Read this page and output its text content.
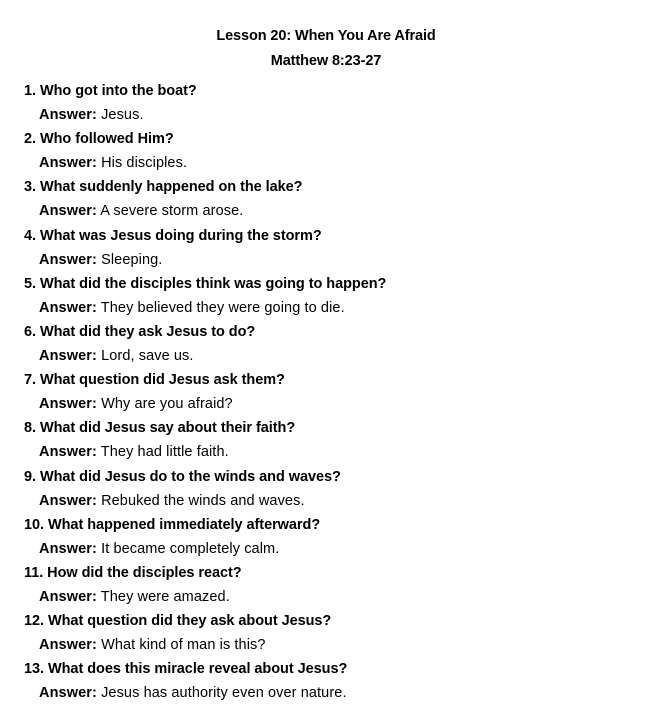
Lesson 20: When You Are Afraid
Matthew 8:23-27
1. Who got into the boat?
Answer: Jesus.
2. Who followed Him?
Answer: His disciples.
3. What suddenly happened on the lake?
Answer: A severe storm arose.
4. What was Jesus doing during the storm?
Answer: Sleeping.
5. What did the disciples think was going to happen?
Answer: They believed they were going to die.
6. What did they ask Jesus to do?
Answer: Lord, save us.
7. What question did Jesus ask them?
Answer: Why are you afraid?
8. What did Jesus say about their faith?
Answer: They had little faith.
9. What did Jesus do to the winds and waves?
Answer: Rebuked the winds and waves.
10. What happened immediately afterward?
Answer: It became completely calm.
11. How did the disciples react?
Answer: They were amazed.
12. What question did they ask about Jesus?
Answer: What kind of man is this?
13. What does this miracle reveal about Jesus?
Answer: Jesus has authority even over nature.
